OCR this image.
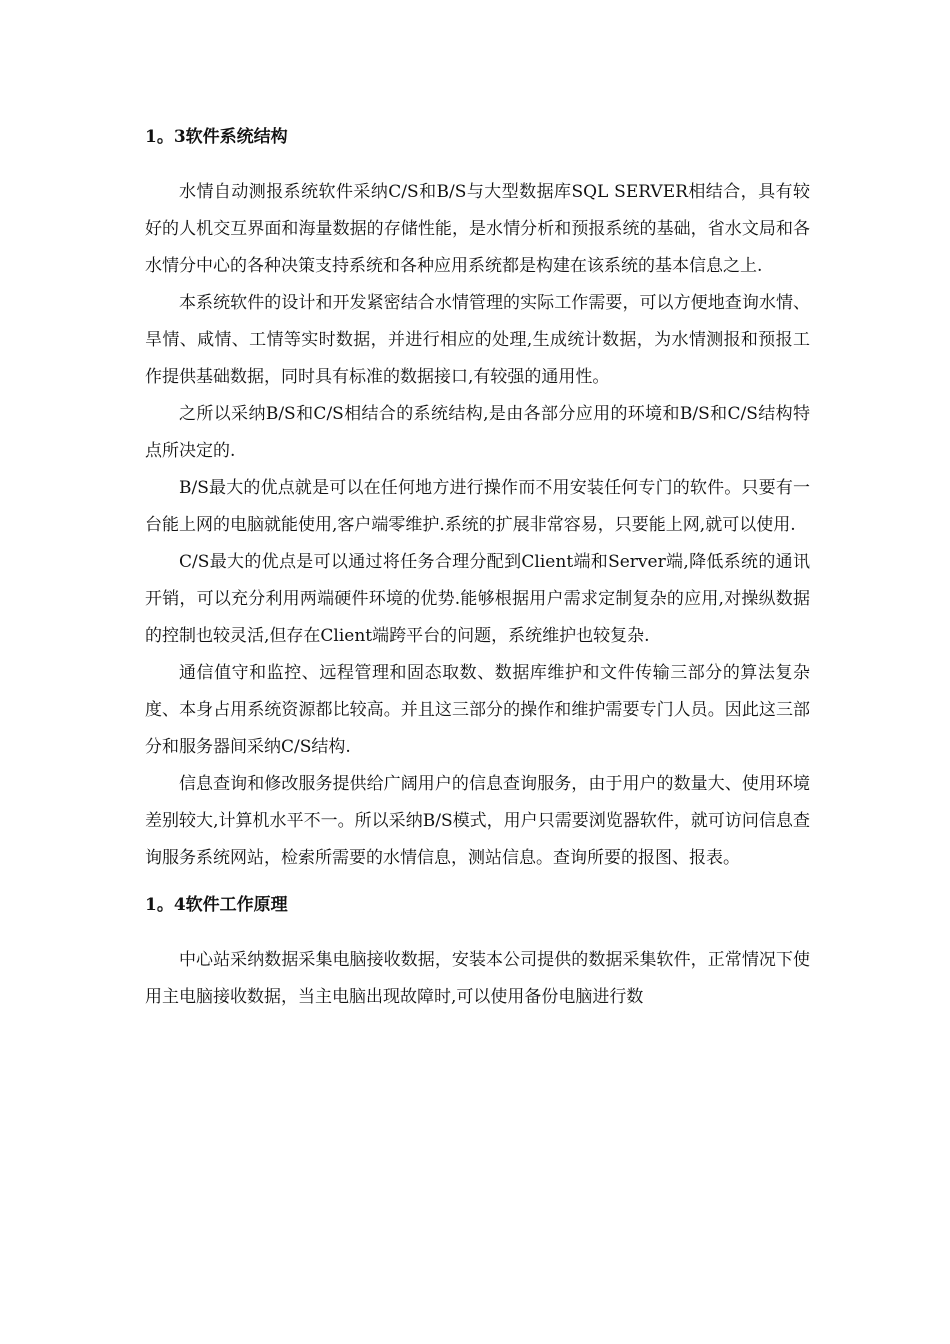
1。3软件系统结构

水情自动测报系统软件采纳C/S和B/S与大型数据库SQL SERVER相结合，具有较好的人机交互界面和海量数据的存储性能，是水情分析和预报系统的基础，省水文局和各水情分中心的各种决策支持系统和各种应用系统都是构建在该系统的基本信息之上.

本系统软件的设计和开发紧密结合水情管理的实际工作需要，可以方便地查询水情、旱情、咸情、工情等实时数据，并进行相应的处理,生成统计数据，为水情测报和预报工作提供基础数据，同时具有标准的数据接口,有较强的通用性。

之所以采纳B/S和C/S相结合的系统结构,是由各部分应用的环境和B/S和C/S结构特点所决定的.

B/S最大的优点就是可以在任何地方进行操作而不用安装任何专门的软件。只要有一台能上网的电脑就能使用,客户端零维护.系统的扩展非常容易，只要能上网,就可以使用.

C/S最大的优点是可以通过将任务合理分配到Client端和Server端,降低系统的通讯开销，可以充分利用两端硬件环境的优势.能够根据用户需求定制复杂的应用,对操纵数据的控制也较灵活,但存在Client端跨平台的问题，系统维护也较复杂.

通信值守和监控、远程管理和固态取数、数据库维护和文件传输三部分的算法复杂度、本身占用系统资源都比较高。并且这三部分的操作和维护需要专门人员。因此这三部分和服务器间采纳C/S结构.

信息查询和修改服务提供给广阔用户的信息查询服务，由于用户的数量大、使用环境差别较大,计算机水平不一。所以采纳B/S模式，用户只需要浏览器软件，就可访问信息查询服务系统网站，检索所需要的水情信息，测站信息。查询所要的报图、报表。

1。4软件工作原理

中心站采纳数据采集电脑接收数据，安装本公司提供的数据采集软件，正常情况下使用主电脑接收数据，当主电脑出现故障时,可以使用备份电脑进行数
